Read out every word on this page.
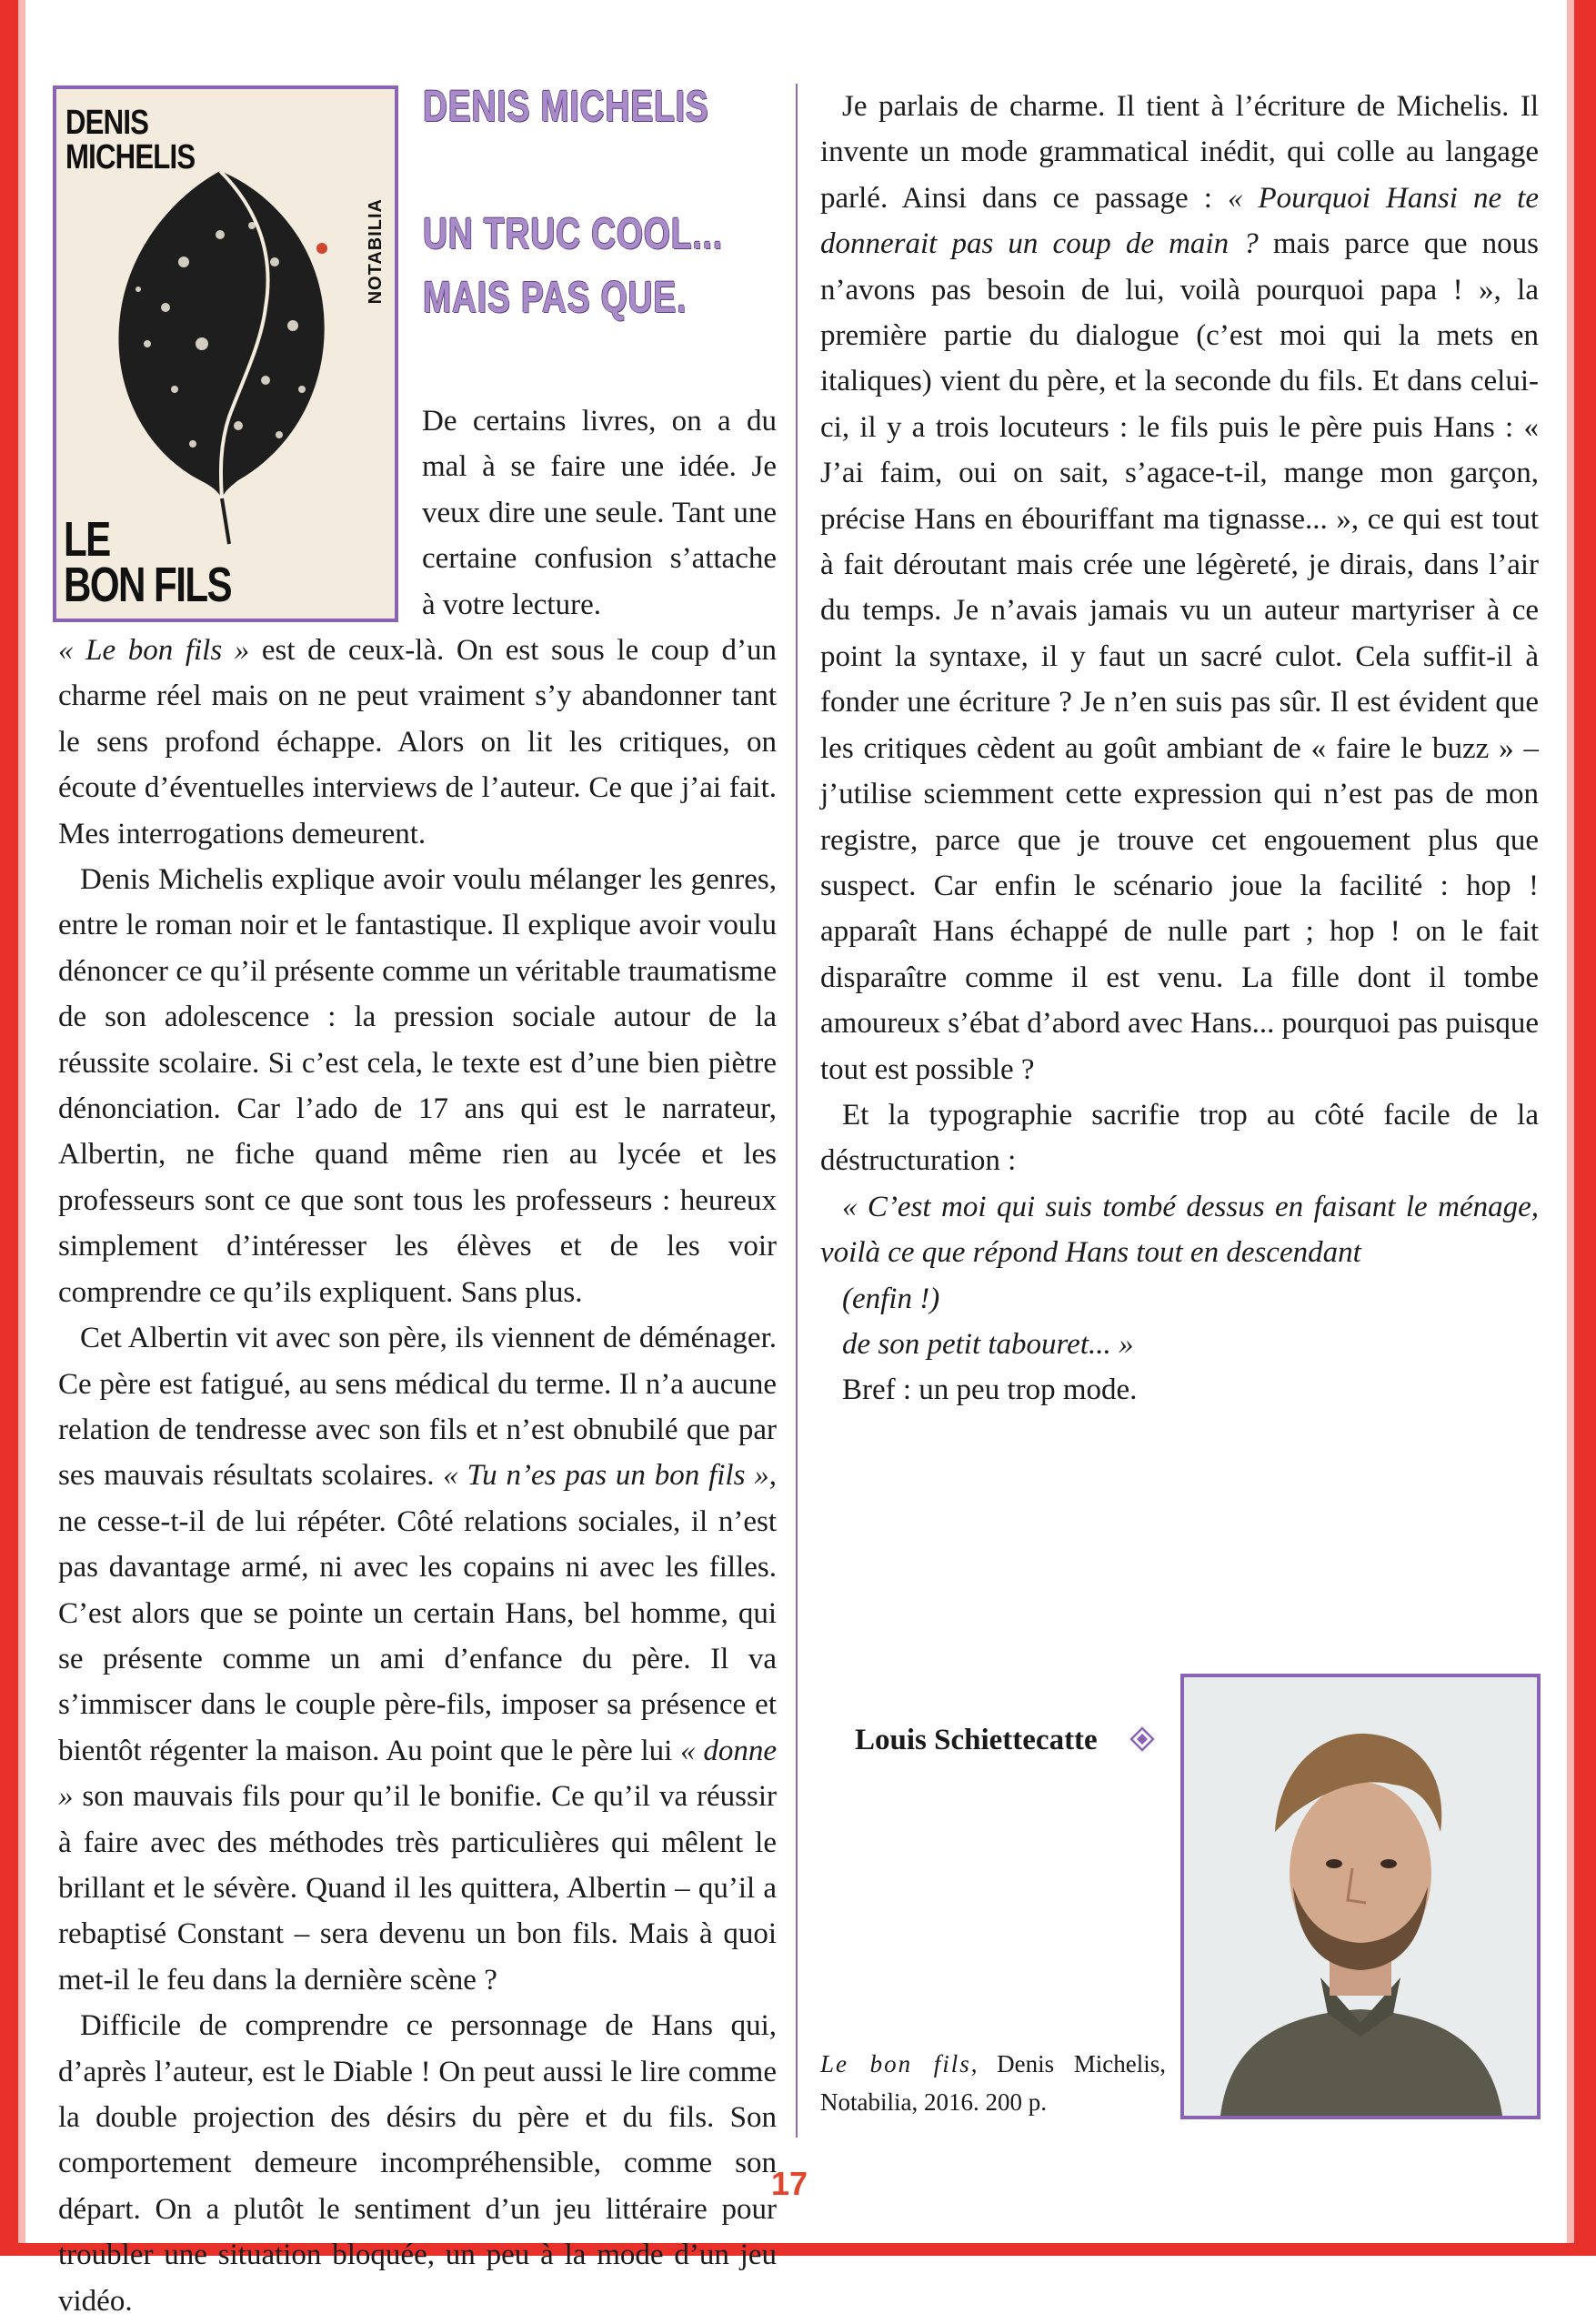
DENIS
MICHELIS
NOTABILIA
LE
BON FILS
DENIS MICHELIS
UN TRUC COOL...
MAIS PAS QUE.

De certains livres, on a du mal à se faire une idée. Je veux dire une seule. Tant une certaine confusion s’attache à votre lecture.

« Le bon fils » est de ceux-là. On est sous le coup d’un charme réel mais on ne peut vraiment s’y abandonner tant le sens profond échappe. Alors on lit les critiques, on écoute d’éventuelles interviews de l’auteur. Ce que j’ai fait. Mes interrogations demeurent.

Denis Michelis explique avoir voulu mélanger les genres, entre le roman noir et le fantastique. Il explique avoir voulu dénoncer ce qu’il présente comme un véritable traumatisme de son adolescence : la pression sociale autour de la réussite scolaire. Si c’est cela, le texte est d’une bien piètre dénonciation. Car l’ado de 17 ans qui est le narrateur, Albertin, ne fiche quand même rien au lycée et les professeurs sont ce que sont tous les professeurs : heureux simplement d’intéresser les élèves et de les voir comprendre ce qu’ils expliquent. Sans plus.

Cet Albertin vit avec son père, ils viennent de déménager. Ce père est fatigué, au sens médical du terme. Il n’a aucune relation de tendresse avec son fils et n’est obnubilé que par ses mauvais résultats scolaires. « Tu n’es pas un bon fils », ne cesse-t-il de lui répéter. Côté relations sociales, il n’est pas davantage armé, ni avec les copains ni avec les filles. C’est alors que se pointe un certain Hans, bel homme, qui se présente comme un ami d’enfance du père. Il va s’immiscer dans le couple père-fils, imposer sa présence et bientôt régenter la maison. Au point que le père lui « donne » son mauvais fils pour qu’il le bonifie. Ce qu’il va réussir à faire avec des méthodes très particulières qui mêlent le brillant et le sévère. Quand il les quittera, Albertin – qu’il a rebaptisé Constant – sera devenu un bon fils. Mais à quoi met-il le feu dans la dernière scène ?

Difficile de comprendre ce personnage de Hans qui, d’après l’auteur, est le Diable ! On peut aussi le lire comme la double projection des désirs du père et du fils. Son comportement demeure incompréhensible, comme son départ. On a plutôt le sentiment d’un jeu littéraire pour troubler une situation bloquée, un peu à la mode d’un jeu vidéo.

Je parlais de charme. Il tient à l’écriture de Michelis. Il invente un mode grammatical inédit, qui colle au langage parlé. Ainsi dans ce passage : « Pourquoi Hansi ne te donnerait pas un coup de main ? mais parce que nous n’avons pas besoin de lui, voilà pourquoi papa ! », la première partie du dialogue (c’est moi qui la mets en italiques) vient du père, et la seconde du fils. Et dans celui-ci, il y a trois locuteurs : le fils puis le père puis Hans : « J’ai faim, oui on sait, s’agace-t-il, mange mon garçon, précise Hans en ébouriffant ma tignasse... », ce qui est tout à fait déroutant mais crée une légèreté, je dirais, dans l’air du temps. Je n’avais jamais vu un auteur martyriser à ce point la syntaxe, il y faut un sacré culot. Cela suffit-il à fonder une écriture ? Je n’en suis pas sûr. Il est évident que les critiques cèdent au goût ambiant de « faire le buzz » – j’utilise sciemment cette expression qui n’est pas de mon registre, parce que je trouve cet engouement plus que suspect. Car enfin le scénario joue la facilité : hop ! apparaît Hans échappé de nulle part ; hop ! on le fait disparaître comme il est venu. La fille dont il tombe amoureux s’ébat d’abord avec Hans... pourquoi pas puisque tout est possible ?

Et la typographie sacrifie trop au côté facile de la déstructuration :

« C’est moi qui suis tombé dessus en faisant le ménage, voilà ce que répond Hans tout en descendant

(enfin !)

de son petit tabouret... »

Bref : un peu trop mode.

Louis Schiettecatte
Le bon fils, Denis Michelis, Notabilia, 2016. 200 p.
17
